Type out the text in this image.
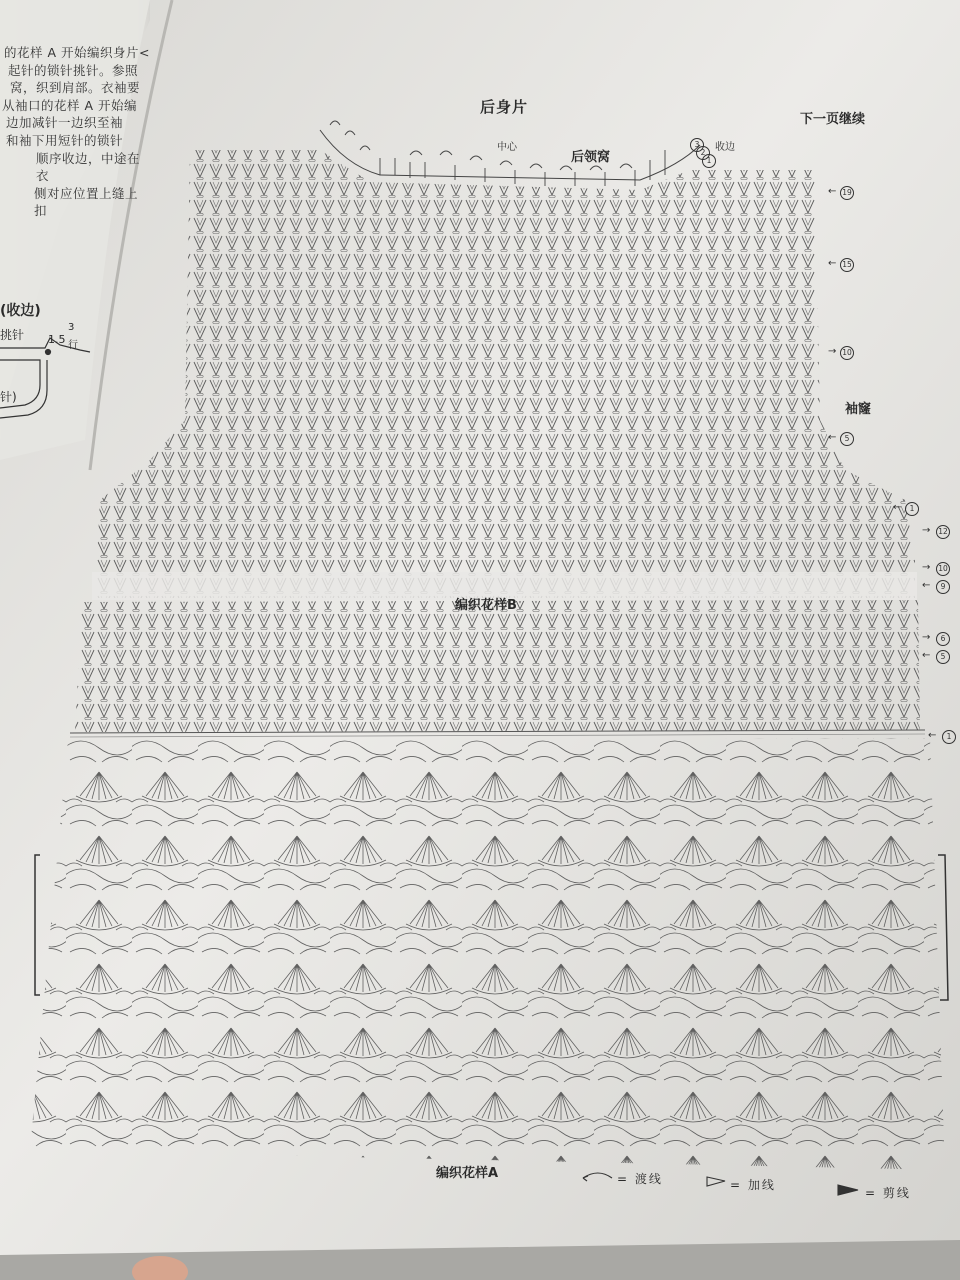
后身片
下一页继续
后领窝
中心	收边
袖窿
编织花样B
编织花样A
3
2
1
← 19
← 15
→ 10
←	5
←	1
→ 12
→ 10
←	9
→	6
←	5
←	1
= 渡线	= 加线
= 剪线
的花样 A 开始编织身片<
起针的锁针挑针。参照
窝，织到肩部。衣袖要
从袖口的花样 A 开始编
边加减针一边织至袖
和袖下用短针的锁针
顺序收边，中途在衣
侧对应位置上缝上扣
(收边)
挑针 1.5
3
行
针)
